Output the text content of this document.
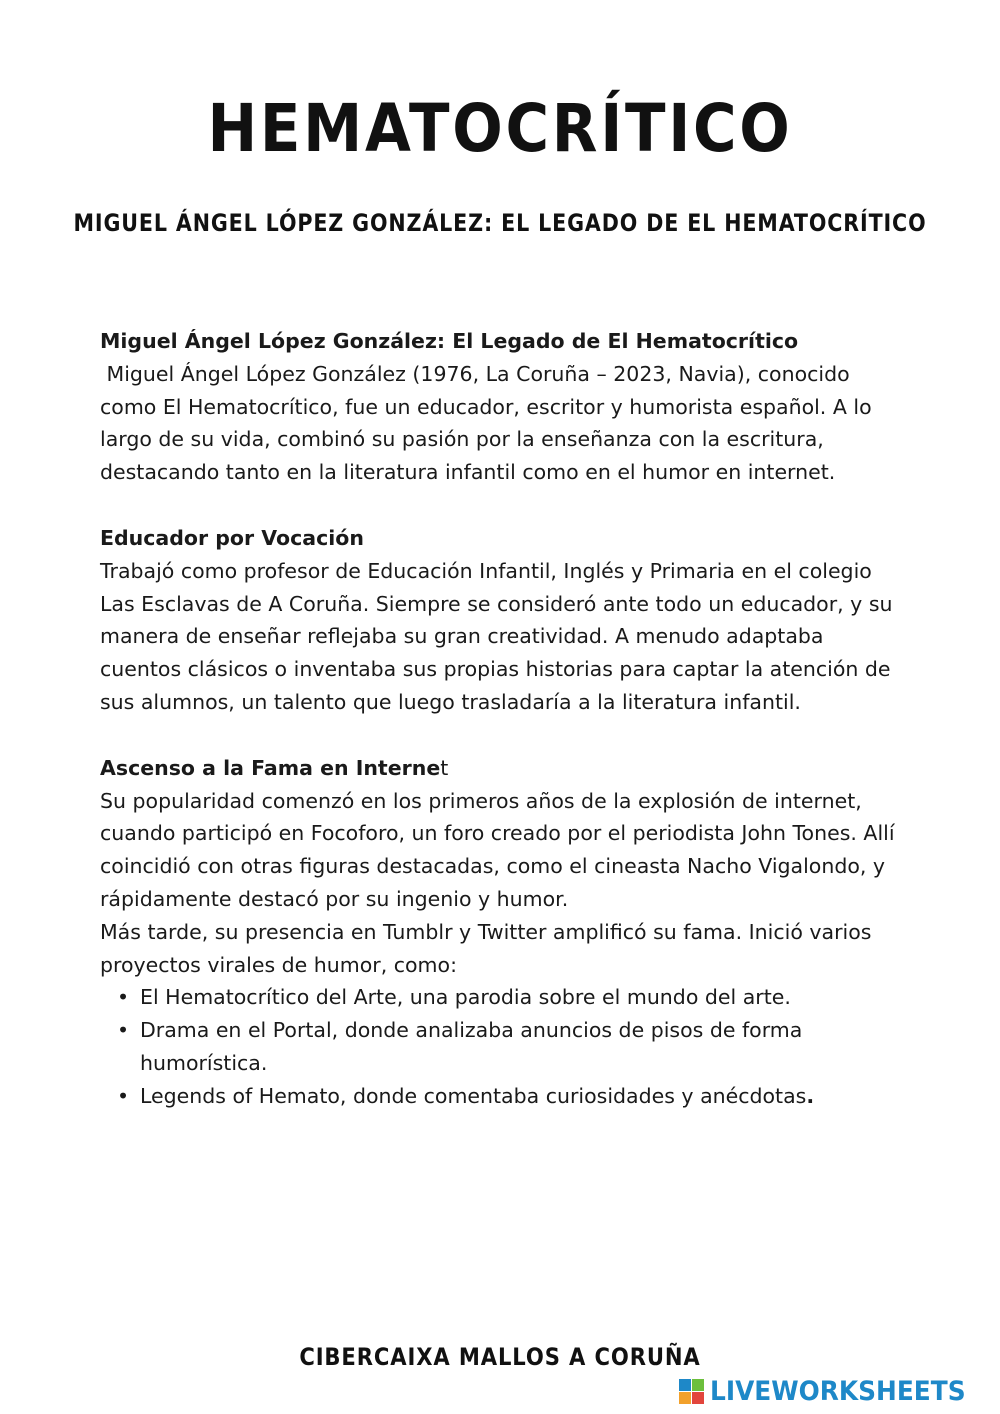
HEMATOCRÍTICO
MIGUEL ÁNGEL LÓPEZ GONZÁLEZ: EL LEGADO DE EL HEMATOCRÍTICO

Miguel Ángel López González: El Legado de El Hematocrítico

Miguel Ángel López González (1976, La Coruña – 2023, Navia), conocido como El Hematocrítico, fue un educador, escritor y humorista español. A lo largo de su vida, combinó su pasión por la enseñanza con la escritura, destacando tanto en la literatura infantil como en el humor en internet.

Educador por Vocación

Trabajó como profesor de Educación Infantil, Inglés y Primaria en el colegio Las Esclavas de A Coruña. Siempre se consideró ante todo un educador, y su manera de enseñar reflejaba su gran creatividad. A menudo adaptaba cuentos clásicos o inventaba sus propias historias para captar la atención de sus alumnos, un talento que luego trasladaría a la literatura infantil.

Ascenso a la Fama en Internet

Su popularidad comenzó en los primeros años de la explosión de internet, cuando participó en Focoforo, un foro creado por el periodista John Tones. Allí coincidió con otras figuras destacadas, como el cineasta Nacho Vigalondo, y rápidamente destacó por su ingenio y humor.

Más tarde, su presencia en Tumblr y Twitter amplificó su fama. Inició varios proyectos virales de humor, como:

• El Hematocrítico del Arte, una parodia sobre el mundo del arte.
• Drama en el Portal, donde analizaba anuncios de pisos de forma humorística.
• Legends of Hemato, donde comentaba curiosidades y anécdotas.
CIBERCAIXA MALLOS A CORUÑA
LIVEWORKSHEETS
